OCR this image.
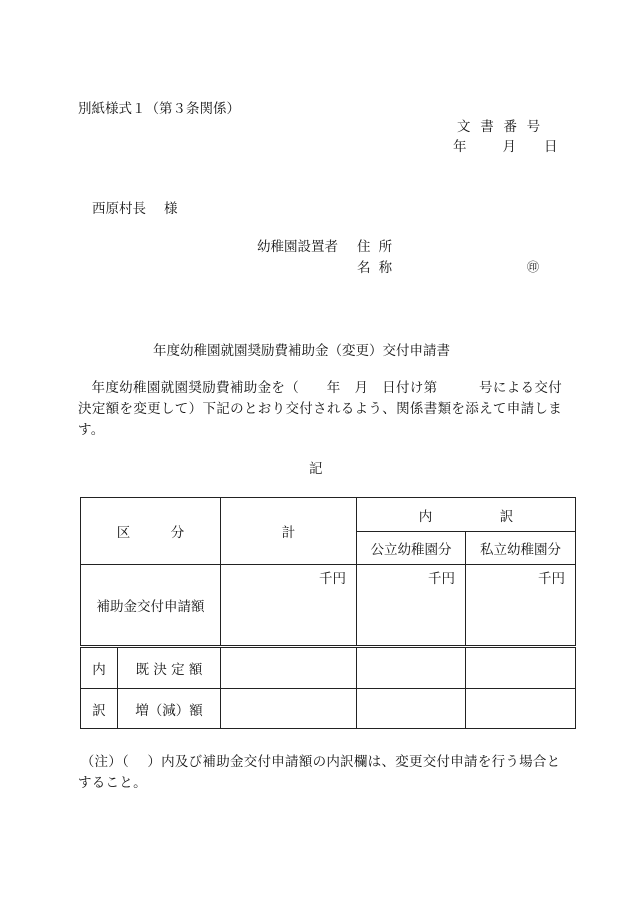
別紙様式１（第３条関係）
文書番号
年	月 日
西原村長 様
幼稚園設置者 住所
名称	㊞
年度幼稚園就園奨励費補助金（変更）交付申請書
年度幼稚園就園奨励費補助金を（　　年　月　日付け第　　　号による交付決定額を変更して）下記のとおり交付されるよう、関係書類を添えて申請します。
記
区　　　分		計	内　　　　　訳	
			公立幼稚園分	私立幼稚園分
補助金交付申請額		千円	千円	千円
内	既 決 定 額			
訳	増（減）額			
（注）（　 ）内及び補助金交付申請額の内訳欄は、変更交付申請を行う場合とすること。
